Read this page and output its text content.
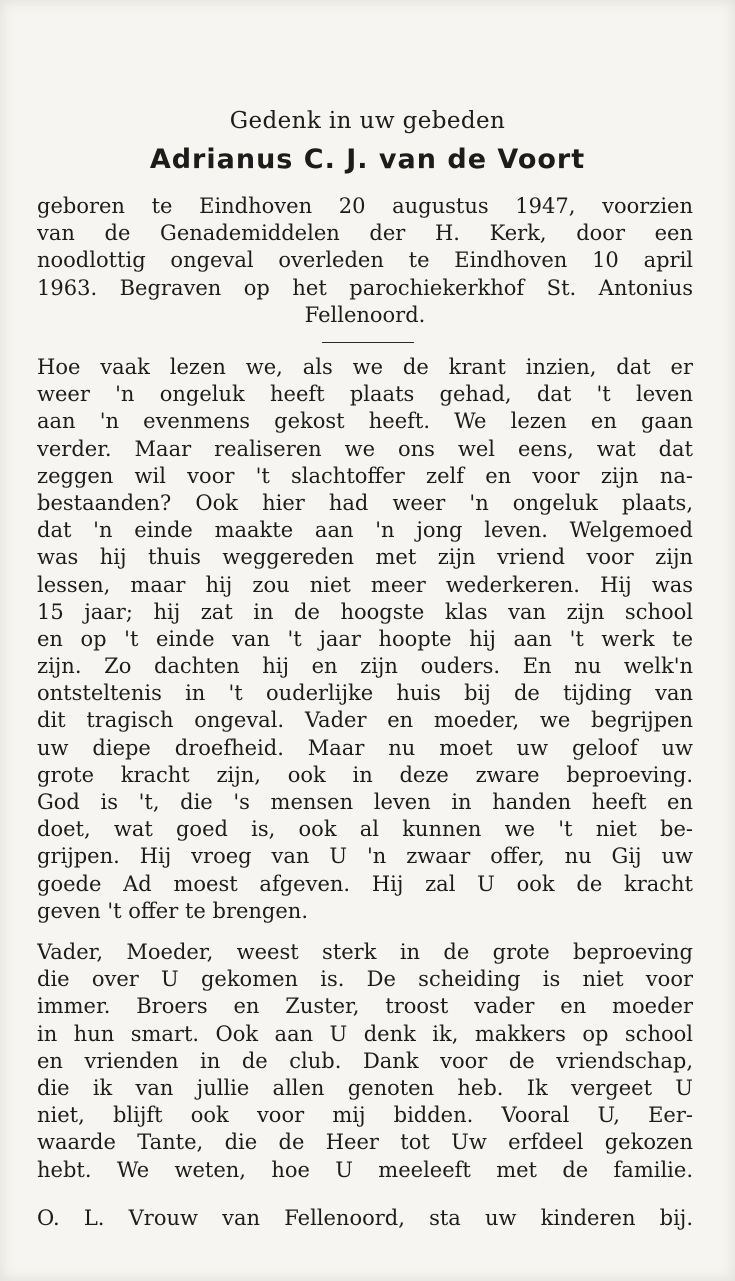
Gedenk in uw gebeden
Adrianus C. J. van de Voort
geboren te Eindhoven 20 augustus 1947, voorzien
van de Genademiddelen der H. Kerk, door een
noodlottig ongeval overleden te Eindhoven 10 april
1963. Begraven op het parochiekerkhof St. Antonius
Fellenoord.
Hoe vaak lezen we, als we de krant inzien, dat er
weer 'n ongeluk heeft plaats gehad, dat 't leven
aan 'n evenmens gekost heeft. We lezen en gaan
verder. Maar realiseren we ons wel eens, wat dat
zeggen wil voor 't slachtoffer zelf en voor zijn na-
bestaanden? Ook hier had weer 'n ongeluk plaats,
dat 'n einde maakte aan 'n jong leven. Welgemoed
was hij thuis weggereden met zijn vriend voor zijn
lessen, maar hij zou niet meer wederkeren. Hij was
15 jaar; hij zat in de hoogste klas van zijn school
en op 't einde van 't jaar hoopte hij aan 't werk te
zijn. Zo dachten hij en zijn ouders. En nu welk'n
ontsteltenis in 't ouderlijke huis bij de tijding van
dit tragisch ongeval. Vader en moeder, we begrijpen
uw diepe droefheid. Maar nu moet uw geloof uw
grote kracht zijn, ook in deze zware beproeving.
God is 't, die 's mensen leven in handen heeft en
doet, wat goed is, ook al kunnen we 't niet be-
grijpen. Hij vroeg van U 'n zwaar offer, nu Gij uw
goede Ad moest afgeven. Hij zal U ook de kracht
geven 't offer te brengen.
Vader, Moeder, weest sterk in de grote beproeving
die over U gekomen is. De scheiding is niet voor
immer. Broers en Zuster, troost vader en moeder
in hun smart. Ook aan U denk ik, makkers op school
en vrienden in de club. Dank voor de vriendschap,
die ik van jullie allen genoten heb. Ik vergeet U
niet, blijft ook voor mij bidden. Vooral U, Eer-
waarde Tante, die de Heer tot Uw erfdeel gekozen
hebt. We weten, hoe U meeleeft met de familie.
O. L. Vrouw van Fellenoord, sta uw kinderen bij.
